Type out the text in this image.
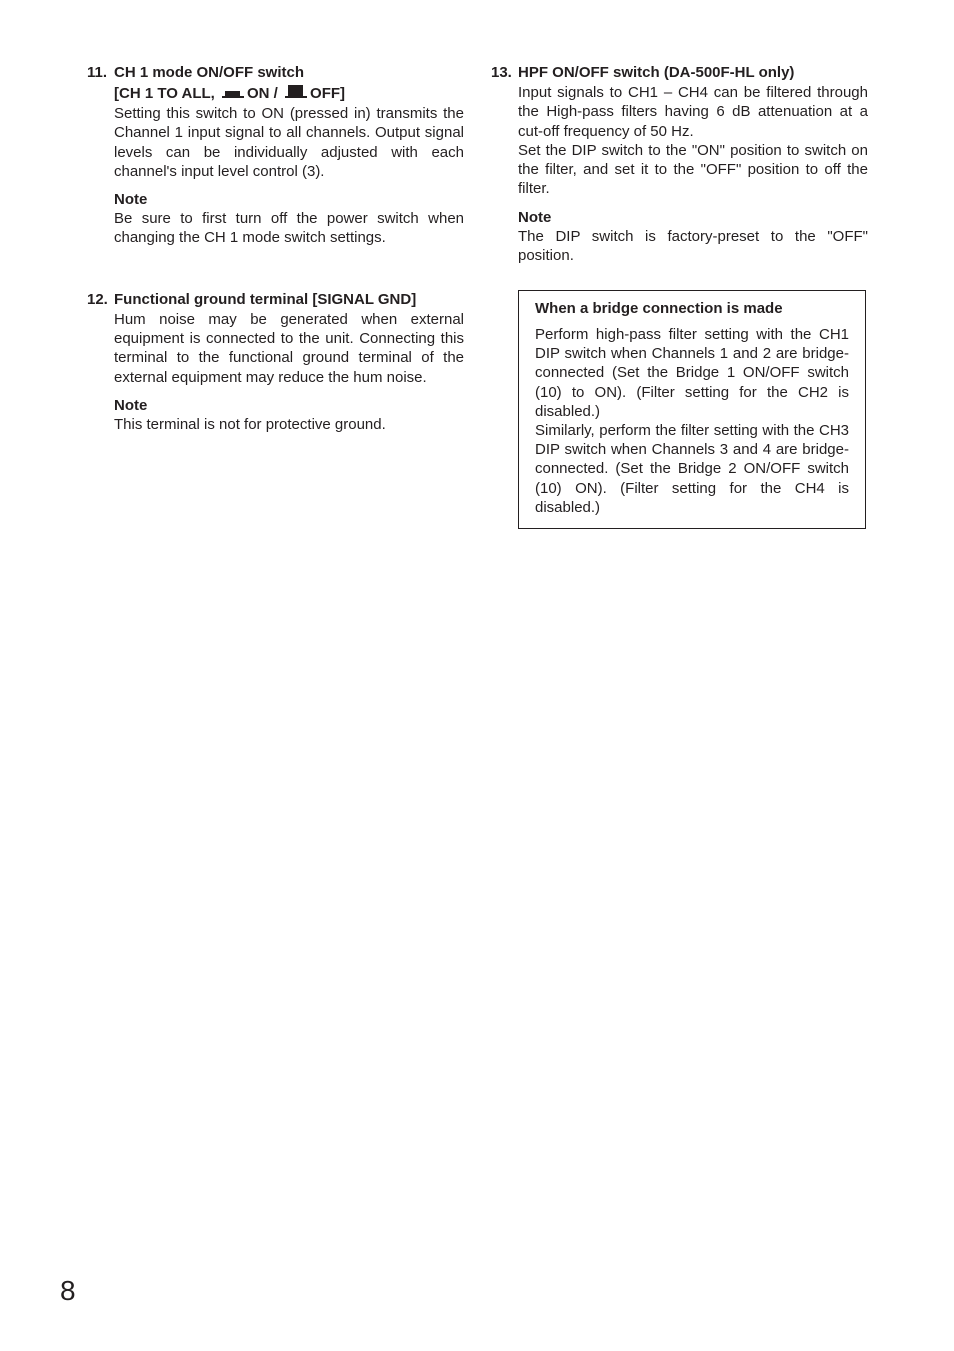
11. CH 1 mode ON/OFF switch
[CH 1 TO ALL, ON / OFF]

Setting this switch to ON (pressed in) transmits the Channel 1 input signal to all channels. Output signal levels can be individually adjusted with each channel's input level control (3).

Note

Be sure to first turn off the power switch when changing the CH 1 mode switch settings.

12. Functional ground terminal [SIGNAL GND]

Hum noise may be generated when external equipment is connected to the unit. Connecting this terminal to the functional ground terminal of the external equipment may reduce the hum noise.

Note

This terminal is not for protective ground.

13. HPF ON/OFF switch (DA-500F-HL only)

Input signals to CH1 – CH4 can be filtered through the High-pass filters having 6 dB attenuation at a cut-off frequency of 50 Hz.

Set the DIP switch to the "ON" position to switch on the filter, and set it to the "OFF" position to off the filter.

Note

The DIP switch is factory-preset to the "OFF" position.

When a bridge connection is made

Perform high-pass filter setting with the CH1 DIP switch when Channels 1 and 2 are bridge-connected (Set the Bridge 1 ON/OFF switch (10) to ON). (Filter setting for the CH2 is disabled.)

Similarly, perform the filter setting with the CH3 DIP switch when Channels 3 and 4 are bridge-connected. (Set the Bridge 2 ON/OFF switch (10) ON). (Filter setting for the CH4 is disabled.)

8
